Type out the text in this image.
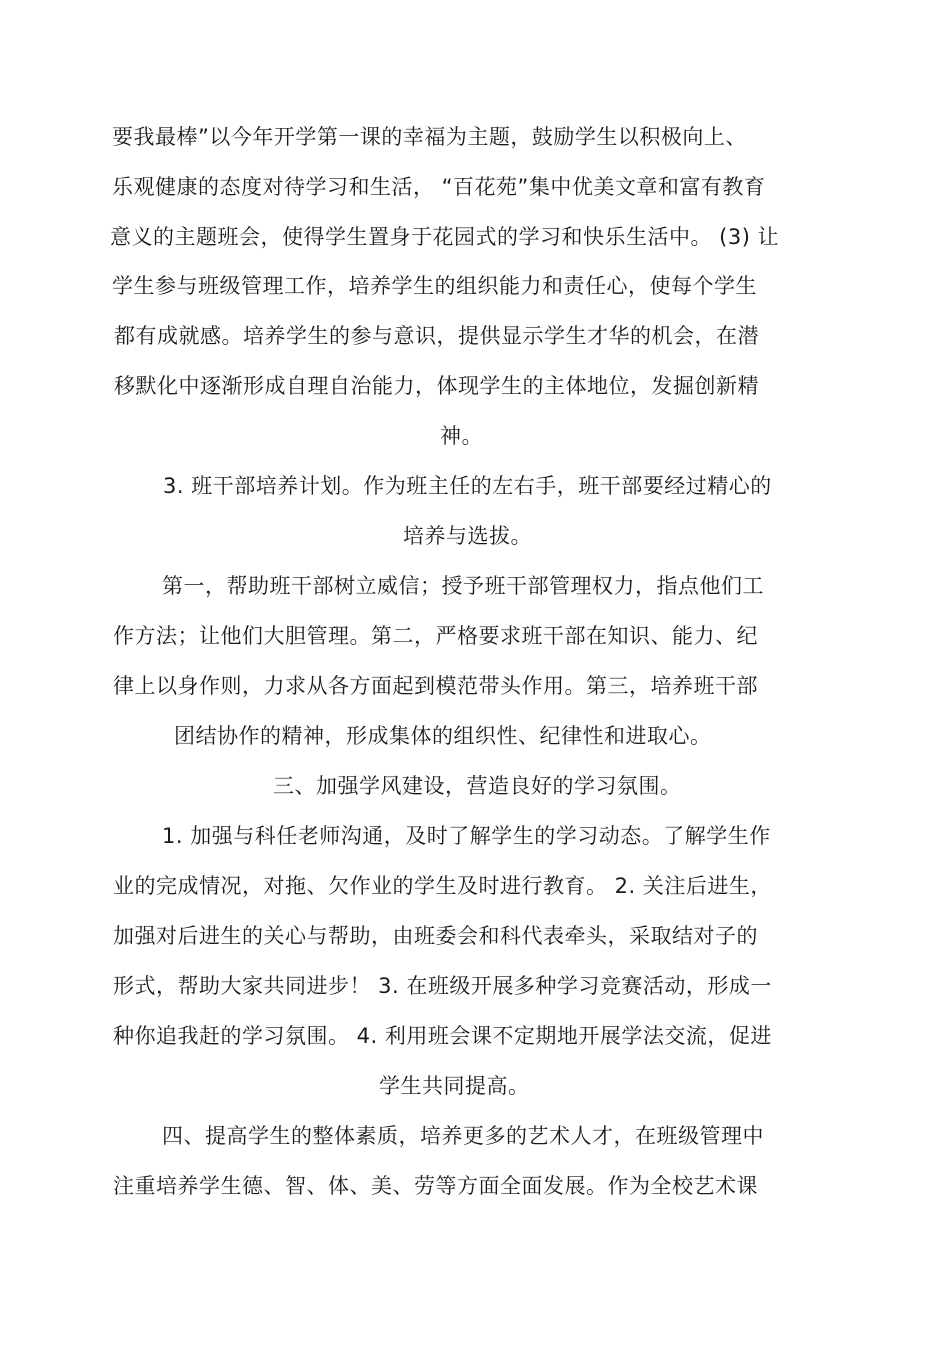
要我最棒”以今年开学第一课的幸福为主题，鼓励学生以积极向上、
乐观健康的态度对待学习和生活， “百花苑”集中优美文章和富有教育
意义的主题班会，使得学生置身于花园式的学习和快乐生活中。 (3) 让
学生参与班级管理工作，培养学生的组织能力和责任心，使每个学生
都有成就感。培养学生的参与意识，提供显示学生才华的机会，在潜
移默化中逐渐形成自理自治能力，体现学生的主体地位，发掘创新精
神。
3. 班干部培养计划。作为班主任的左右手，班干部要经过精心的
培养与选拔。
第一，帮助班干部树立威信；授予班干部管理权力，指点他们工
作方法；让他们大胆管理。第二，严格要求班干部在知识、能力、纪
律上以身作则，力求从各方面起到模范带头作用。第三，培养班干部
团结协作的精神，形成集体的组织性、纪律性和进取心。
三、加强学风建设，营造良好的学习氛围。
1. 加强与科任老师沟通，及时了解学生的学习动态。了解学生作
业的完成情况，对拖、欠作业的学生及时进行教育。 2. 关注后进生，
加强对后进生的关心与帮助，由班委会和科代表牵头，采取结对子的
形式，帮助大家共同进步！ 3. 在班级开展多种学习竞赛活动，形成一
种你追我赶的学习氛围。 4. 利用班会课不定期地开展学法交流，促进
学生共同提高。
四、提高学生的整体素质，培养更多的艺术人才，在班级管理中
注重培养学生德、智、体、美、劳等方面全面发展。作为全校艺术课
